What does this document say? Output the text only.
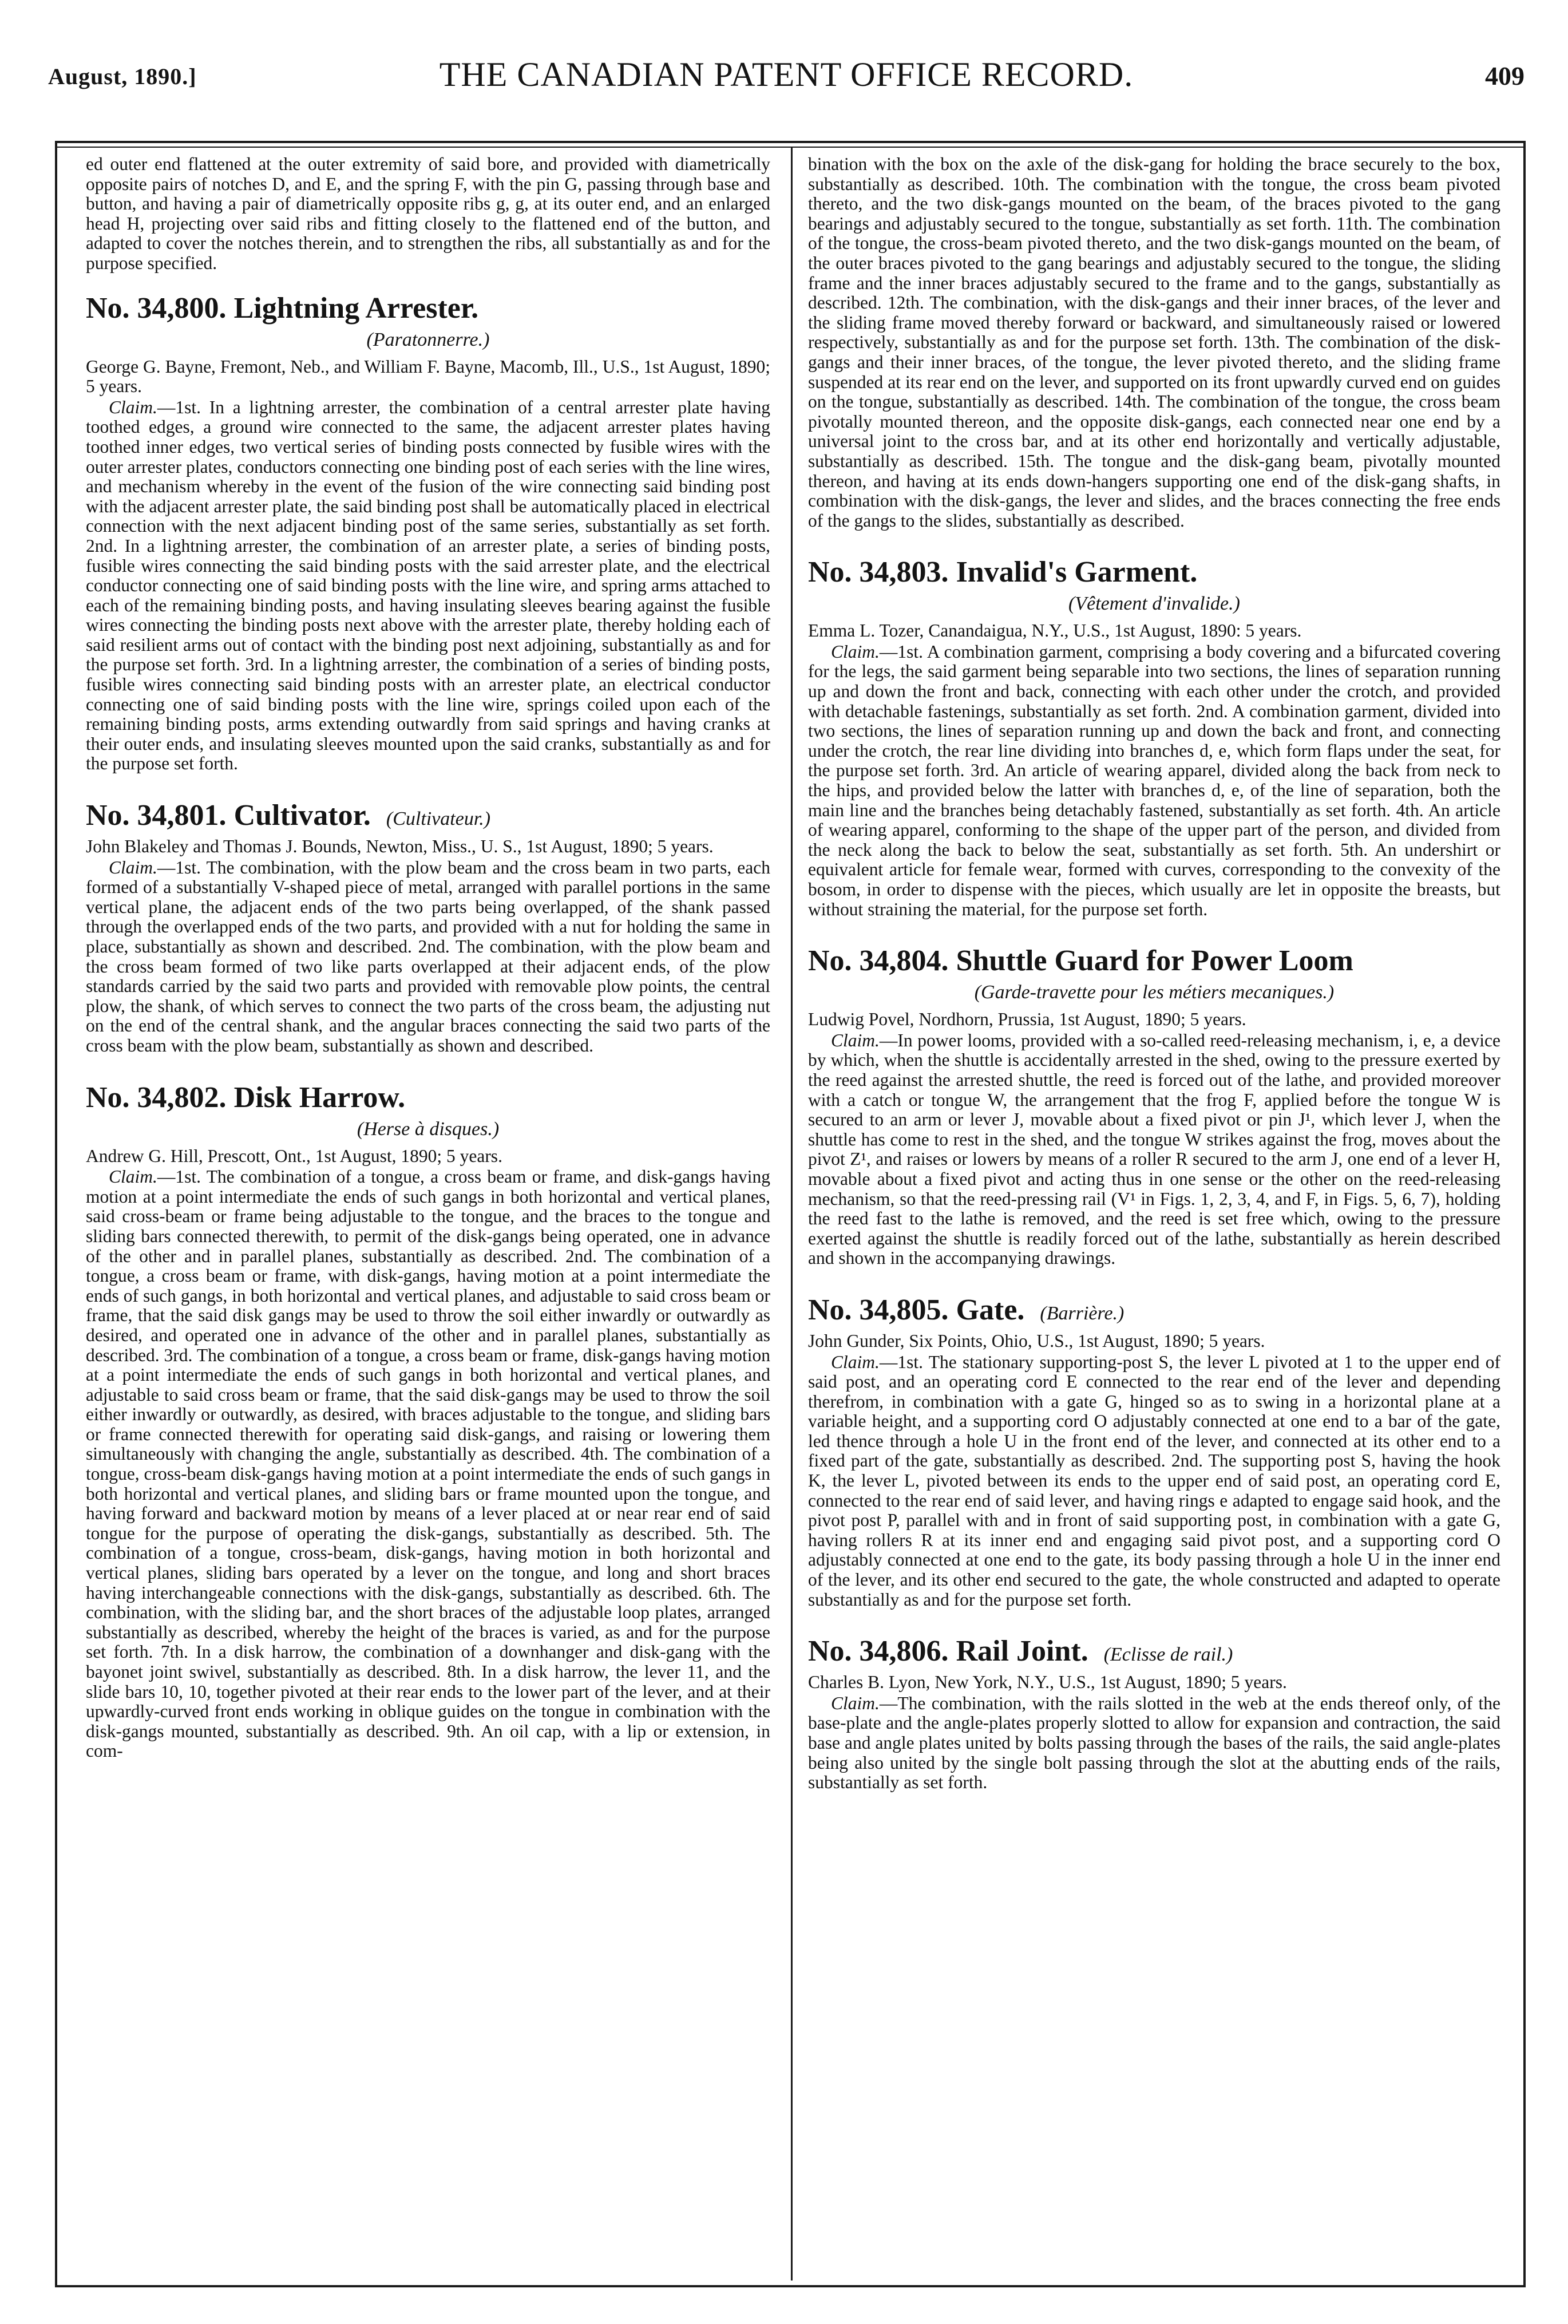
August, 1890.]	THE CANADIAN PATENT OFFICE RECORD.	409

ed outer end flattened at the outer extremity of said bore, and provided with diametrically opposite pairs of notches D, and E, and the spring F, with the pin G, passing through base and button, and having a pair of diametrically opposite ribs g, g, at its outer end, and an enlarged head H, projecting over said ribs and fitting closely to the flattened end of the button, and adapted to cover the notches therein, and to strengthen the ribs, all substantially as and for the purpose specified.

No. 34,800. Lightning Arrester.

(Paratonnerre.)

George G. Bayne, Fremont, Neb., and William F. Bayne, Macomb, Ill., U.S., 1st August, 1890; 5 years.

Claim.—1st. In a lightning arrester, the combination of a central arrester plate having toothed edges, a ground wire connected to the same, the adjacent arrester plates having toothed inner edges, two vertical series of binding posts connected by fusible wires with the outer arrester plates, conductors connecting one binding post of each series with the line wires, and mechanism whereby in the event of the fusion of the wire connecting said binding post with the adjacent arrester plate, the said binding post shall be automatically placed in electrical connection with the next adjacent binding post of the same series, substantially as set forth. 2nd. In a lightning arrester, the combination of an arrester plate, a series of binding posts, fusible wires connecting the said binding posts with the said arrester plate, and the electrical conductor connecting one of said binding posts with the line wire, and spring arms attached to each of the remaining binding posts, and having insulating sleeves bearing against the fusible wires connecting the binding posts next above with the arrester plate, thereby holding each of said resilient arms out of contact with the binding post next adjoining, substantially as and for the purpose set forth. 3rd. In a lightning arrester, the combination of a series of binding posts, fusible wires connecting said binding posts with an arrester plate, an electrical conductor connecting one of said binding posts with the line wire, springs coiled upon each of the remaining binding posts, arms extending outwardly from said springs and having cranks at their outer ends, and insulating sleeves mounted upon the said cranks, substantially as and for the purpose set forth.

No. 34,801. Cultivator. (Cultivateur.)

John Blakeley and Thomas J. Bounds, Newton, Miss., U. S., 1st August, 1890; 5 years.

Claim.—1st. The combination, with the plow beam and the cross beam in two parts, each formed of a substantially V-shaped piece of metal, arranged with parallel portions in the same vertical plane, the adjacent ends of the two parts being overlapped, of the shank passed through the overlapped ends of the two parts, and provided with a nut for holding the same in place, substantially as shown and described. 2nd. The combination, with the plow beam and the cross beam formed of two like parts overlapped at their adjacent ends, of the plow standards carried by the said two parts and provided with removable plow points, the central plow, the shank, of which serves to connect the two parts of the cross beam, the adjusting nut on the end of the central shank, and the angular braces connecting the said two parts of the cross beam with the plow beam, substantially as shown and described.

No. 34,802. Disk Harrow.

(Herse à disques.)

Andrew G. Hill, Prescott, Ont., 1st August, 1890; 5 years.

Claim.—1st. The combination of a tongue, a cross beam or frame, and disk-gangs having motion at a point intermediate the ends of such gangs in both horizontal and vertical planes, said cross-beam or frame being adjustable to the tongue, and the braces to the tongue and sliding bars connected therewith, to permit of the disk-gangs being operated, one in advance of the other and in parallel planes, substantially as described. 2nd. The combination of a tongue, a cross beam or frame, with disk-gangs, having motion at a point intermediate the ends of such gangs, in both horizontal and vertical planes, and adjustable to said cross beam or frame, that the said disk gangs may be used to throw the soil either inwardly or outwardly as desired, and operated one in advance of the other and in parallel planes, substantially as described. 3rd. The combination of a tongue, a cross beam or frame, disk-gangs having motion at a point intermediate the ends of such gangs in both horizontal and vertical planes, and adjustable to said cross beam or frame, that the said disk-gangs may be used to throw the soil either inwardly or outwardly, as desired, with braces adjustable to the tongue, and sliding bars or frame connected therewith for operating said disk-gangs, and raising or lowering them simultaneously with changing the angle, substantially as described. 4th. The combination of a tongue, cross-beam disk-gangs having motion at a point intermediate the ends of such gangs in both horizontal and vertical planes, and sliding bars or frame mounted upon the tongue, and having forward and backward motion by means of a lever placed at or near rear end of said tongue for the purpose of operating the disk-gangs, substantially as described. 5th. The combination of a tongue, cross-beam, disk-gangs, having motion in both horizontal and vertical planes, sliding bars operated by a lever on the tongue, and long and short braces having interchangeable connections with the disk-gangs, substantially as described. 6th. The combination, with the sliding bar, and the short braces of the adjustable loop plates, arranged substantially as described, whereby the height of the braces is varied, as and for the purpose set forth. 7th. In a disk harrow, the combination of a downhanger and disk-gang with the bayonet joint swivel, substantially as described. 8th. In a disk harrow, the lever 11, and the slide bars 10, 10, together pivoted at their rear ends to the lower part of the lever, and at their upwardly-curved front ends working in oblique guides on the tongue in combination with the disk-gangs mounted, substantially as described. 9th. An oil cap, with a lip or extension, in com-

bination with the box on the axle of the disk-gang for holding the brace securely to the box, substantially as described. 10th. The combination with the tongue, the cross beam pivoted thereto, and the two disk-gangs mounted on the beam, of the braces pivoted to the gang bearings and adjustably secured to the tongue, substantially as set forth. 11th. The combination of the tongue, the cross-beam pivoted thereto, and the two disk-gangs mounted on the beam, of the outer braces pivoted to the gang bearings and adjustably secured to the tongue, the sliding frame and the inner braces adjustably secured to the frame and to the gangs, substantially as described. 12th. The combination, with the disk-gangs and their inner braces, of the lever and the sliding frame moved thereby forward or backward, and simultaneously raised or lowered respectively, substantially as and for the purpose set forth. 13th. The combination of the disk-gangs and their inner braces, of the tongue, the lever pivoted thereto, and the sliding frame suspended at its rear end on the lever, and supported on its front upwardly curved end on guides on the tongue, substantially as described. 14th. The combination of the tongue, the cross beam pivotally mounted thereon, and the opposite disk-gangs, each connected near one end by a universal joint to the cross bar, and at its other end horizontally and vertically adjustable, substantially as described. 15th. The tongue and the disk-gang beam, pivotally mounted thereon, and having at its ends down-hangers supporting one end of the disk-gang shafts, in combination with the disk-gangs, the lever and slides, and the braces connecting the free ends of the gangs to the slides, substantially as described.

No. 34,803. Invalid's Garment.

(Vêtement d'invalide.)

Emma L. Tozer, Canandaigua, N.Y., U.S., 1st August, 1890: 5 years.

Claim.—1st. A combination garment, comprising a body covering and a bifurcated covering for the legs, the said garment being separable into two sections, the lines of separation running up and down the front and back, connecting with each other under the crotch, and provided with detachable fastenings, substantially as set forth. 2nd. A combination garment, divided into two sections, the lines of separation running up and down the back and front, and connecting under the crotch, the rear line dividing into branches d, e, which form flaps under the seat, for the purpose set forth. 3rd. An article of wearing apparel, divided along the back from neck to the hips, and provided below the latter with branches d, e, of the line of separation, both the main line and the branches being detachably fastened, substantially as set forth. 4th. An article of wearing apparel, conforming to the shape of the upper part of the person, and divided from the neck along the back to below the seat, substantially as set forth. 5th. An undershirt or equivalent article for female wear, formed with curves, corresponding to the convexity of the bosom, in order to dispense with the pieces, which usually are let in opposite the breasts, but without straining the material, for the purpose set forth.

No. 34,804. Shuttle Guard for Power Loom

(Garde-travette pour les métiers mecaniques.)

Ludwig Povel, Nordhorn, Prussia, 1st August, 1890; 5 years.

Claim.—In power looms, provided with a so-called reed-releasing mechanism, i, e, a device by which, when the shuttle is accidentally arrested in the shed, owing to the pressure exerted by the reed against the arrested shuttle, the reed is forced out of the lathe, and provided moreover with a catch or tongue W, the arrangement that the frog F, applied before the tongue W is secured to an arm or lever J, movable about a fixed pivot or pin J¹, which lever J, when the shuttle has come to rest in the shed, and the tongue W strikes against the frog, moves about the pivot Z¹, and raises or lowers by means of a roller R secured to the arm J, one end of a lever H, movable about a fixed pivot and acting thus in one sense or the other on the reed-releasing mechanism, so that the reed-pressing rail (V¹ in Figs. 1, 2, 3, 4, and F, in Figs. 5, 6, 7), holding the reed fast to the lathe is removed, and the reed is set free which, owing to the pressure exerted against the shuttle is readily forced out of the lathe, substantially as herein described and shown in the accompanying drawings.

No. 34,805. Gate. (Barrière.)

John Gunder, Six Points, Ohio, U.S., 1st August, 1890; 5 years.

Claim.—1st. The stationary supporting-post S, the lever L pivoted at 1 to the upper end of said post, and an operating cord E connected to the rear end of the lever and depending therefrom, in combination with a gate G, hinged so as to swing in a horizontal plane at a variable height, and a supporting cord O adjustably connected at one end to a bar of the gate, led thence through a hole U in the front end of the lever, and connected at its other end to a fixed part of the gate, substantially as described. 2nd. The supporting post S, having the hook K, the lever L, pivoted between its ends to the upper end of said post, an operating cord E, connected to the rear end of said lever, and having rings e adapted to engage said hook, and the pivot post P, parallel with and in front of said supporting post, in combination with a gate G, having rollers R at its inner end and engaging said pivot post, and a supporting cord O adjustably connected at one end to the gate, its body passing through a hole U in the inner end of the lever, and its other end secured to the gate, the whole constructed and adapted to operate substantially as and for the purpose set forth.

No. 34,806. Rail Joint. (Eclisse de rail.)

Charles B. Lyon, New York, N.Y., U.S., 1st August, 1890; 5 years.

Claim.—The combination, with the rails slotted in the web at the ends thereof only, of the base-plate and the angle-plates properly slotted to allow for expansion and contraction, the said base and angle plates united by bolts passing through the bases of the rails, the said angle-plates being also united by the single bolt passing through the slot at the abutting ends of the rails, substantially as set forth.
